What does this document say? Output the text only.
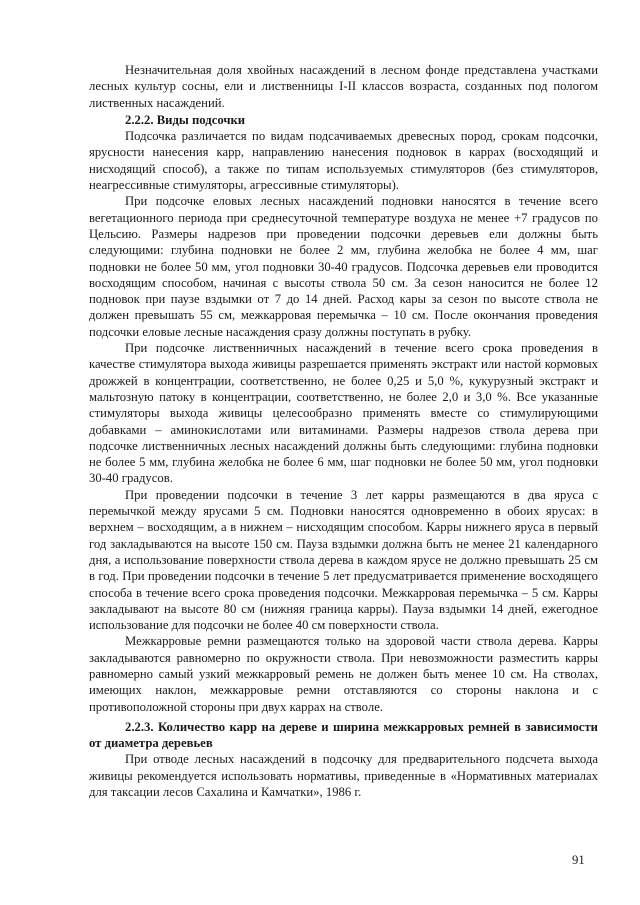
Незначительная доля хвойных насаждений в лесном фонде представлена участками лесных культур сосны, ели и лиственницы I-II классов возраста, созданных под пологом лиственных насаждений.

2.2.2. Виды подсочки

Подсочка различается по видам подсачиваемых древесных пород, срокам подсочки, ярусности нанесения карр, направлению нанесения подновок в каррах (восходящий и нисходящий способ), а также по типам используемых стимуляторов (без стимуляторов, неагрессивные стимуляторы, агрессивные стимуляторы).

При подсочке еловых лесных насаждений подновки наносятся в течение всего вегетационного периода при среднесуточной температуре воздуха не менее +7 градусов по Цельсию. Размеры надрезов при проведении подсочки деревьев ели должны быть следующими: глубина подновки не более 2 мм, глубина желобка не более 4 мм, шаг подновки не более 50 мм, угол подновки 30-40 градусов. Подсочка деревьев ели проводится восходящим способом, начиная с высоты ствола 50 см. За сезон наносится не более 12 подновок при паузе вздымки от 7 до 14 дней. Расход кары за сезон по высоте ствола не должен превышать 55 см, межкарровая перемычка – 10 см. После окончания проведения подсочки еловые лесные насаждения сразу должны поступать в рубку.

При подсочке лиственничных насаждений в течение всего срока проведения в качестве стимулятора выхода живицы разрешается применять экстракт или настой кормовых дрожжей в концентрации, соответственно, не более 0,25 и 5,0 %, кукурузный экстракт и мальтозную патоку в концентрации, соответственно, не более 2,0 и 3,0 %. Все указанные стимуляторы выхода живицы целесообразно применять вместе со стимулирующими добавками – аминокислотами или витаминами. Размеры надрезов ствола дерева при подсочке лиственничных лесных насаждений должны быть следующими: глубина подновки не более 5 мм, глубина желобка не более 6 мм, шаг подновки не более 50 мм, угол подновки 30-40 градусов.

При проведении подсочки в течение 3 лет карры размещаются в два яруса с перемычкой между ярусами 5 см. Подновки наносятся одновременно в обоих ярусах: в верхнем – восходящим, а в нижнем – нисходящим способом. Карры нижнего яруса в первый год закладываются на высоте 150 см. Пауза вздымки должна быть не менее 21 календарного дня, а использование поверхности ствола дерева в каждом ярусе не должно превышать 25 см в год. При проведении подсочки в течение 5 лет предусматривается применение восходящего способа в течение всего срока проведения подсочки. Межкарровая перемычка – 5 см. Карры закладывают на высоте 80 см (нижняя граница карры). Пауза вздымки 14 дней, ежегодное использование для подсочки не более 40 см поверхности ствола.

Межкарровые ремни размещаются только на здоровой части ствола дерева. Карры закладываются равномерно по окружности ствола. При невозможности разместить карры равномерно самый узкий межкарровый ремень не должен быть менее 10 см. На стволах, имеющих наклон, межкарровые ремни отставляются со стороны наклона и с противоположной стороны при двух каррах на стволе.

2.2.3. Количество карр на дереве и ширина межкарровых ремней в зависимости от диаметра деревьев

При отводе лесных насаждений в подсочку для предварительного подсчета выхода живицы рекомендуется использовать нормативы, приведенные в «Нормативных материалах для таксации лесов Сахалина и Камчатки», 1986 г.

91
